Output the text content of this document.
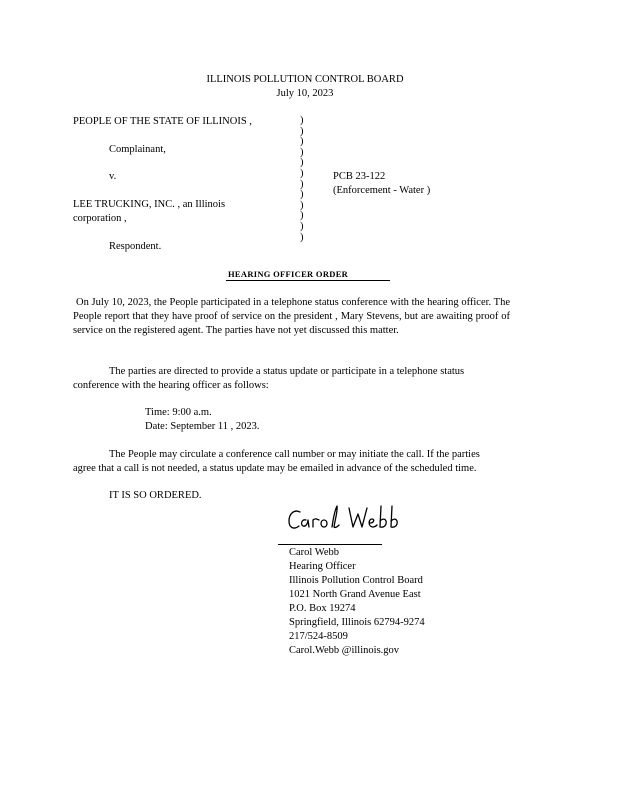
ILLINOIS POLLUTION CONTROL BOARD
July 10, 2023
PEOPLE OF THE STATE OF ILLINOIS ,
Complainant,
v.
LEE TRUCKING, INC. , an Illinois
corporation ,
Respondent.
)
)
)
)
)
)
)
)
)
)
)
)
PCB 23-122
(Enforcement - Water )
HEARING OFFICER ORDER
On July 10, 2023, the People participated in a telephone status conference with the hearing officer. The People report that they have proof of service on the president , Mary Stevens, but are awaiting proof of service on the registered agent. The parties have not yet discussed this matter.
The parties are directed to provide a status update or participate in a telephone status
conference with the hearing officer as follows:
Time: 9:00 a.m.
Date: September 11 , 2023.
The People may circulate a conference call number or may initiate the call. If the parties
agree that a call is not needed, a status update may be emailed in advance of the scheduled time.
IT IS SO ORDERED.	Carol Webb
Carol Webb
Hearing Officer
Illinois Pollution Control Board
1021 North Grand Avenue East
P.O. Box 19274
Springfield, Illinois 62794-9274
217/524-8509
Carol.Webb @illinois.gov
